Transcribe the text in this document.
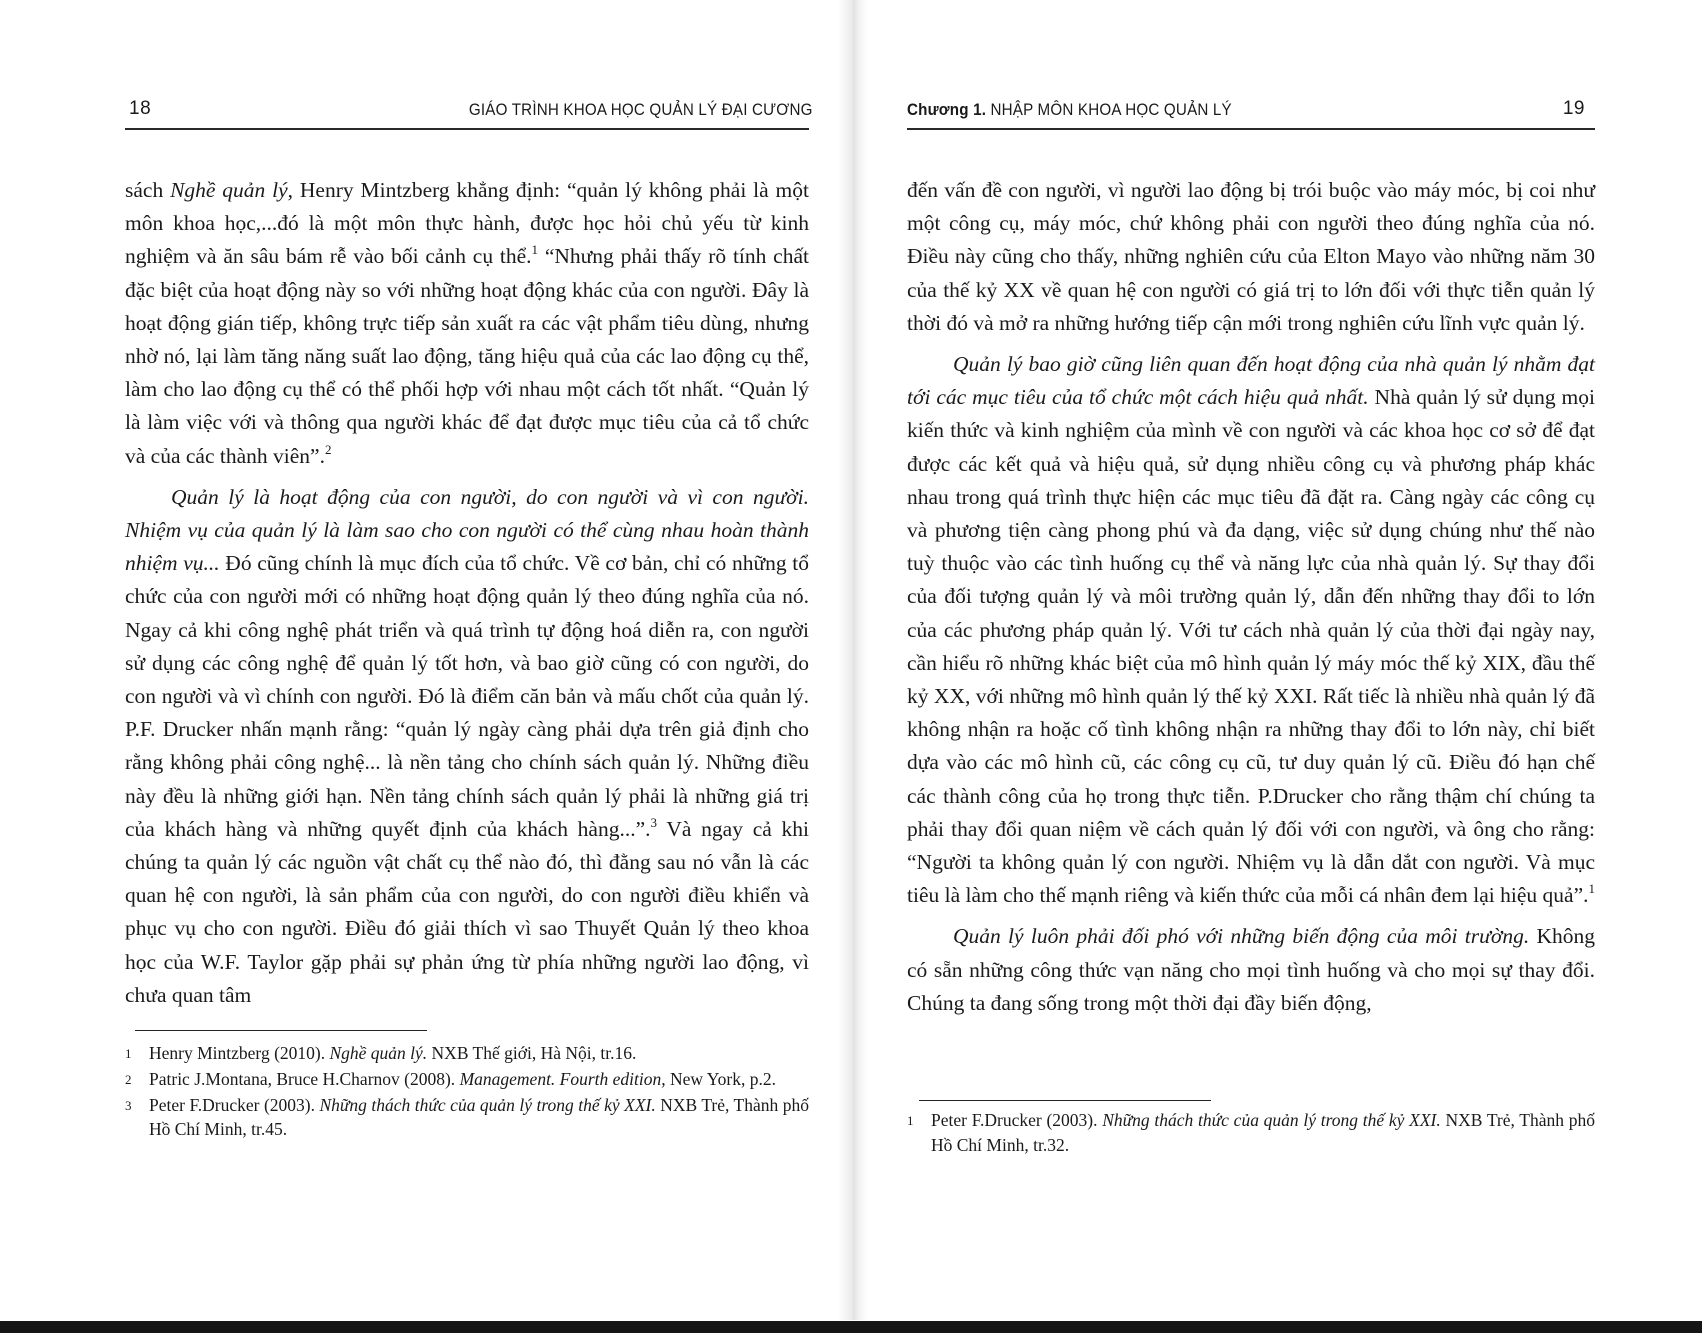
18	GIÁO TRÌNH KHOA HỌC QUẢN LÝ ĐẠI CƯƠNG

sách Nghề quản lý, Henry Mintzberg khẳng định: “quản lý không phải là một môn khoa học,...đó là một môn thực hành, được học hỏi chủ yếu từ kinh nghiệm và ăn sâu bám rễ vào bối cảnh cụ thể.$^1$ “Nhưng phải thấy rõ tính chất đặc biệt của hoạt động này so với những hoạt động khác của con người. Đây là hoạt động gián tiếp, không trực tiếp sản xuất ra các vật phẩm tiêu dùng, nhưng nhờ nó, lại làm tăng năng suất lao động, tăng hiệu quả của các lao động cụ thể, làm cho lao động cụ thể có thể phối hợp với nhau một cách tốt nhất. “Quản lý là làm việc với và thông qua người khác để đạt được mục tiêu của cả tổ chức và của các thành viên”.$^2$

Quản lý là hoạt động của con người, do con người và vì con người. Nhiệm vụ của quản lý là làm sao cho con người có thể cùng nhau hoàn thành nhiệm vụ... Đó cũng chính là mục đích của tổ chức. Về cơ bản, chỉ có những tổ chức của con người mới có những hoạt động quản lý theo đúng nghĩa của nó. Ngay cả khi công nghệ phát triển và quá trình tự động hoá diễn ra, con người sử dụng các công nghệ để quản lý tốt hơn, và bao giờ cũng có con người, do con người và vì chính con người. Đó là điểm căn bản và mấu chốt của quản lý. P.F. Drucker nhấn mạnh rằng: “quản lý ngày càng phải dựa trên giả định cho rằng không phải công nghệ... là nền tảng cho chính sách quản lý. Những điều này đều là những giới hạn. Nền tảng chính sách quản lý phải là những giá trị của khách hàng và những quyết định của khách hàng...”.$^3$ Và ngay cả khi chúng ta quản lý các nguồn vật chất cụ thể nào đó, thì đằng sau nó vẫn là các quan hệ con người, là sản phẩm của con người, do con người điều khiển và phục vụ cho con người. Điều đó giải thích vì sao Thuyết Quản lý theo khoa học của W.F. Taylor gặp phải sự phản ứng từ phía những người lao động, vì chưa quan tâm

1 Henry Mintzberg (2010). Nghề quản lý. NXB Thế giới, Hà Nội, tr.16.

2 Patric J.Montana, Bruce H.Charnov (2008). Management. Fourth edition, New York, p.2.

3 Peter F.Drucker (2003). Những thách thức của quản lý trong thế kỷ XXI. NXB Trẻ, Thành phố Hồ Chí Minh, tr.45.

Chương 1. NHẬP MÔN KHOA HỌC QUẢN LÝ	19

đến vấn đề con người, vì người lao động bị trói buộc vào máy móc, bị coi như một công cụ, máy móc, chứ không phải con người theo đúng nghĩa của nó. Điều này cũng cho thấy, những nghiên cứu của Elton Mayo vào những năm 30 của thế kỷ XX về quan hệ con người có giá trị to lớn đối với thực tiễn quản lý thời đó và mở ra những hướng tiếp cận mới trong nghiên cứu lĩnh vực quản lý.

Quản lý bao giờ cũng liên quan đến hoạt động của nhà quản lý nhằm đạt tới các mục tiêu của tổ chức một cách hiệu quả nhất. Nhà quản lý sử dụng mọi kiến thức và kinh nghiệm của mình về con người và các khoa học cơ sở để đạt được các kết quả và hiệu quả, sử dụng nhiều công cụ và phương pháp khác nhau trong quá trình thực hiện các mục tiêu đã đặt ra. Càng ngày các công cụ và phương tiện càng phong phú và đa dạng, việc sử dụng chúng như thế nào tuỳ thuộc vào các tình huống cụ thể và năng lực của nhà quản lý. Sự thay đổi của đối tượng quản lý và môi trường quản lý, dẫn đến những thay đổi to lớn của các phương pháp quản lý. Với tư cách nhà quản lý của thời đại ngày nay, cần hiểu rõ những khác biệt của mô hình quản lý máy móc thế kỷ XIX, đầu thế kỷ XX, với những mô hình quản lý thế kỷ XXI. Rất tiếc là nhiều nhà quản lý đã không nhận ra hoặc cố tình không nhận ra những thay đổi to lớn này, chỉ biết dựa vào các mô hình cũ, các công cụ cũ, tư duy quản lý cũ. Điều đó hạn chế các thành công của họ trong thực tiễn. P.Drucker cho rằng thậm chí chúng ta phải thay đổi quan niệm về cách quản lý đối với con người, và ông cho rằng: “Người ta không quản lý con người. Nhiệm vụ là dẫn dắt con người. Và mục tiêu là làm cho thế mạnh riêng và kiến thức của mỗi cá nhân đem lại hiệu quả”.$^1$

Quản lý luôn phải đối phó với những biến động của môi trường. Không có sẵn những công thức vạn năng cho mọi tình huống và cho mọi sự thay đổi. Chúng ta đang sống trong một thời đại đầy biến động,

1 Peter F.Drucker (2003). Những thách thức của quản lý trong thế kỷ XXI. NXB Trẻ, Thành phố Hồ Chí Minh, tr.32.
